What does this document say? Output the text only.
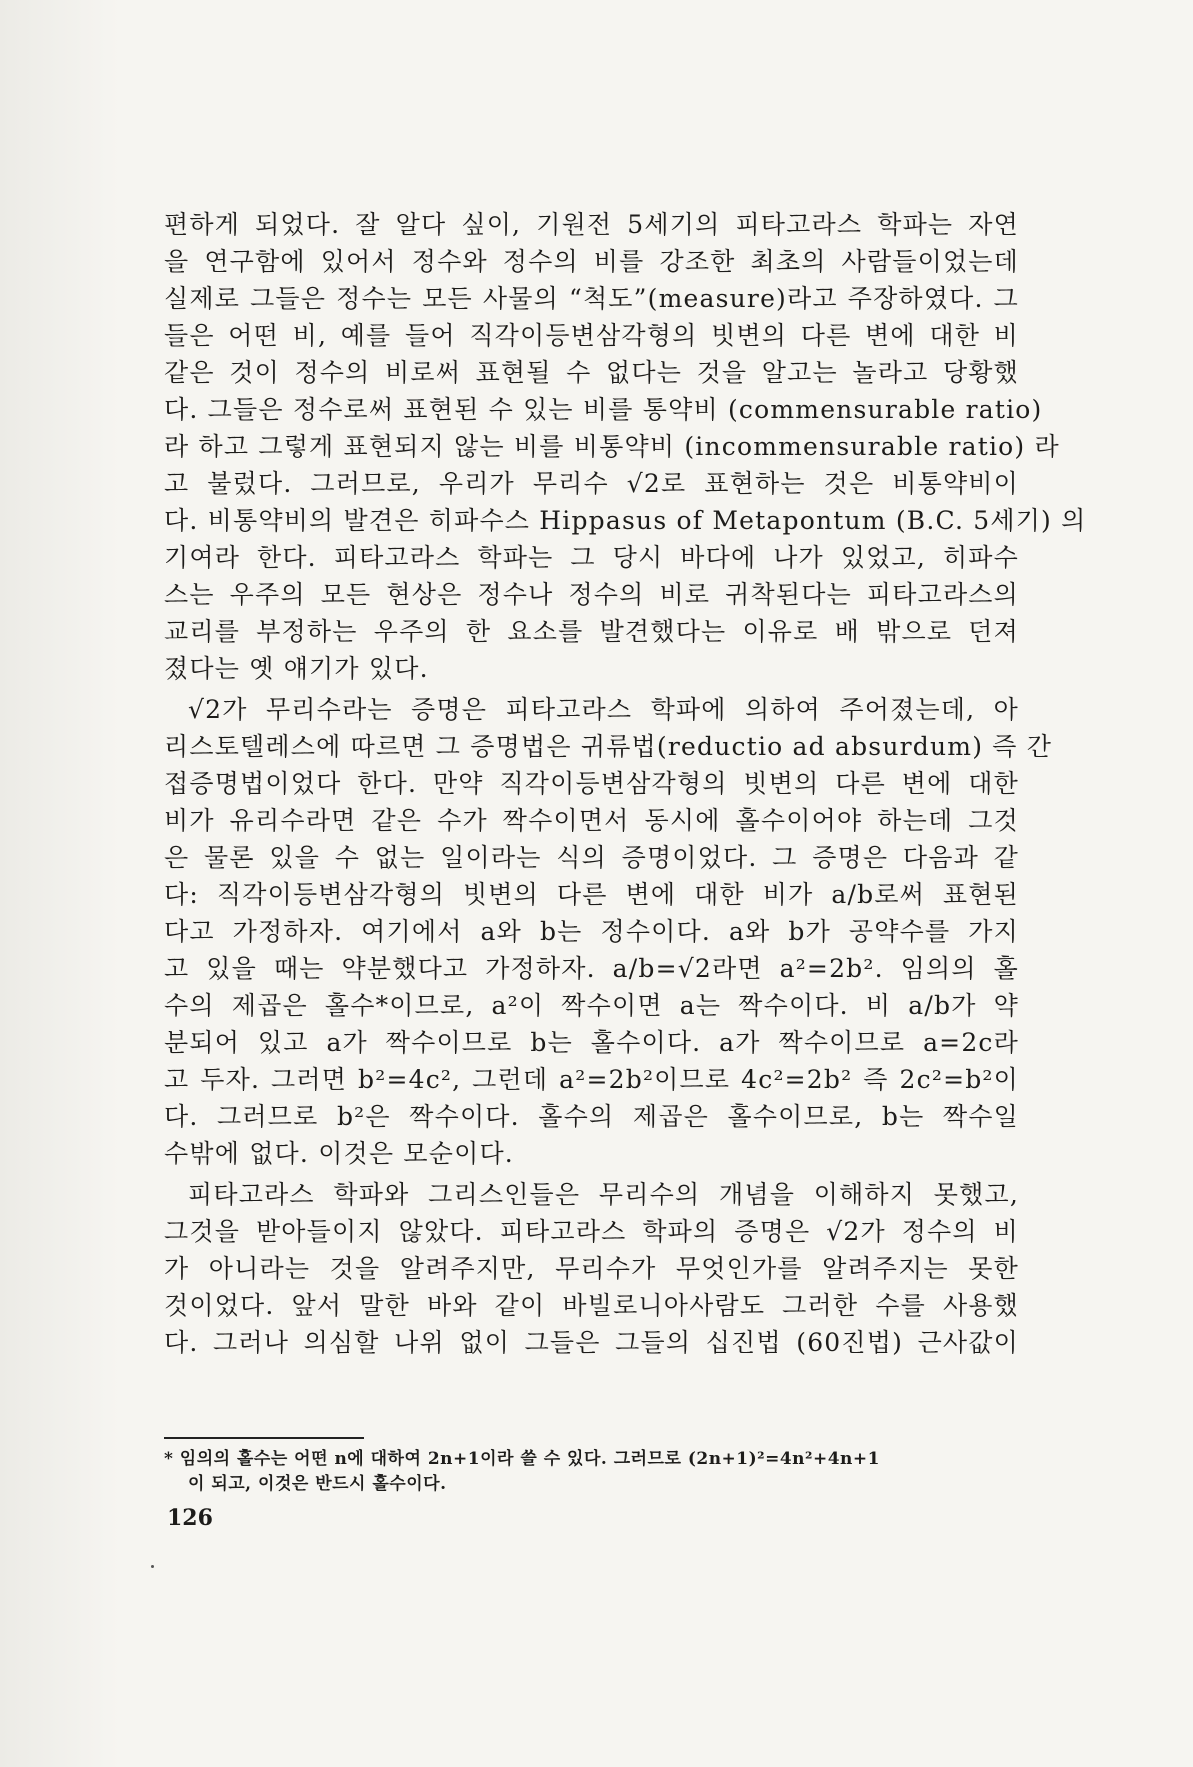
편하게 되었다. 잘 알다 싶이, 기원전 5세기의 피타고라스 학파는 자연
을 연구함에 있어서 정수와 정수의 비를 강조한 최초의 사람들이었는데
실제로 그들은 정수는 모든 사물의 “척도”(measure)라고 주장하였다. 그
들은 어떤 비, 예를 들어 직각이등변삼각형의 빗변의 다른 변에 대한 비
같은 것이 정수의 비로써 표현될 수 없다는 것을 알고는 놀라고 당황했
다. 그들은 정수로써 표현된 수 있는 비를 통약비 (commensurable ratio)
라 하고 그렇게 표현되지 않는 비를 비통약비 (incommensurable ratio) 라
고 불렀다. 그러므로, 우리가 무리수 √2로 표현하는 것은 비통약비이
다. 비통약비의 발견은 히파수스 Hippasus of Metapontum (B.C. 5세기) 의
기여라 한다. 피타고라스 학파는 그 당시 바다에 나가 있었고, 히파수
스는 우주의 모든 현상은 정수나 정수의 비로 귀착된다는 피타고라스의
교리를 부정하는 우주의 한 요소를 발견했다는 이유로 배 밖으로 던져
졌다는 옛 얘기가 있다.
√2가 무리수라는 증명은 피타고라스 학파에 의하여 주어졌는데, 아
리스토텔레스에 따르면 그 증명법은 귀류법(reductio ad absurdum) 즉 간
접증명법이었다 한다. 만약 직각이등변삼각형의 빗변의 다른 변에 대한
비가 유리수라면 같은 수가 짝수이면서 동시에 홀수이어야 하는데 그것
은 물론 있을 수 없는 일이라는 식의 증명이었다. 그 증명은 다음과 같
다: 직각이등변삼각형의 빗변의 다른 변에 대한 비가 a/b로써 표현된
다고 가정하자. 여기에서 a와 b는 정수이다. a와 b가 공약수를 가지
고 있을 때는 약분했다고 가정하자. a/b=√2라면 a²=2b². 임의의 홀
수의 제곱은 홀수*이므로, a²이 짝수이면 a는 짝수이다. 비 a/b가 약
분되어 있고 a가 짝수이므로 b는 홀수이다. a가 짝수이므로 a=2c라
고 두자. 그러면 b²=4c², 그런데 a²=2b²이므로 4c²=2b² 즉 2c²=b²이
다. 그러므로 b²은 짝수이다. 홀수의 제곱은 홀수이므로, b는 짝수일
수밖에 없다. 이것은 모순이다.
피타고라스 학파와 그리스인들은 무리수의 개념을 이해하지 못했고,
그것을 받아들이지 않았다. 피타고라스 학파의 증명은 √2가 정수의 비
가 아니라는 것을 알려주지만, 무리수가 무엇인가를 알려주지는 못한
것이었다. 앞서 말한 바와 같이 바빌로니아사람도 그러한 수를 사용했
다. 그러나 의심할 나위 없이 그들은 그들의 십진법 (60진법) 근사값이
* 임의의 홀수는 어떤 n에 대하여 2n+1이라 쓸 수 있다. 그러므로 (2n+1)²=4n²+4n+1
이 되고, 이것은 반드시 홀수이다.
126
